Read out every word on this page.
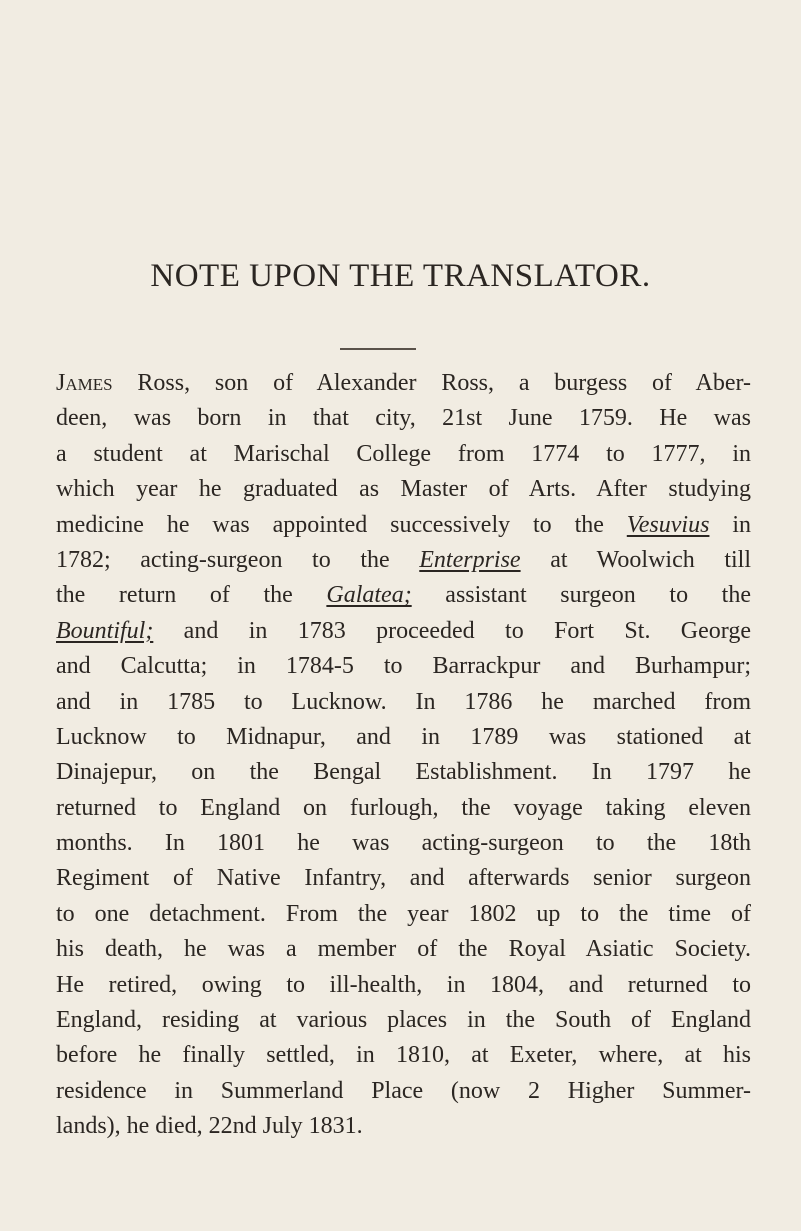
NOTE UPON THE TRANSLATOR.
James Ross, son of Alexander Ross, a burgess of Aber-
deen, was born in that city, 21st June 1759. He was
a student at Marischal College from 1774 to 1777, in
which year he graduated as Master of Arts. After studying
medicine he was appointed successively to the Vesuvius in
1782; acting-surgeon to the Enterprise at Woolwich till
the return of the Galatea; assistant surgeon to the
Bountiful; and in 1783 proceeded to Fort St. George
and Calcutta; in 1784-5 to Barrackpur and Burhampur;
and in 1785 to Lucknow. In 1786 he marched from
Lucknow to Midnapur, and in 1789 was stationed at
Dinajepur, on the Bengal Establishment. In 1797 he
returned to England on furlough, the voyage taking eleven
months. In 1801 he was acting-surgeon to the 18th
Regiment of Native Infantry, and afterwards senior surgeon
to one detachment. From the year 1802 up to the time of
his death, he was a member of the Royal Asiatic Society.
He retired, owing to ill-health, in 1804, and returned to
England, residing at various places in the South of England
before he finally settled, in 1810, at Exeter, where, at his
residence in Summerland Place (now 2 Higher Summer-
lands), he died, 22nd July 1831.
